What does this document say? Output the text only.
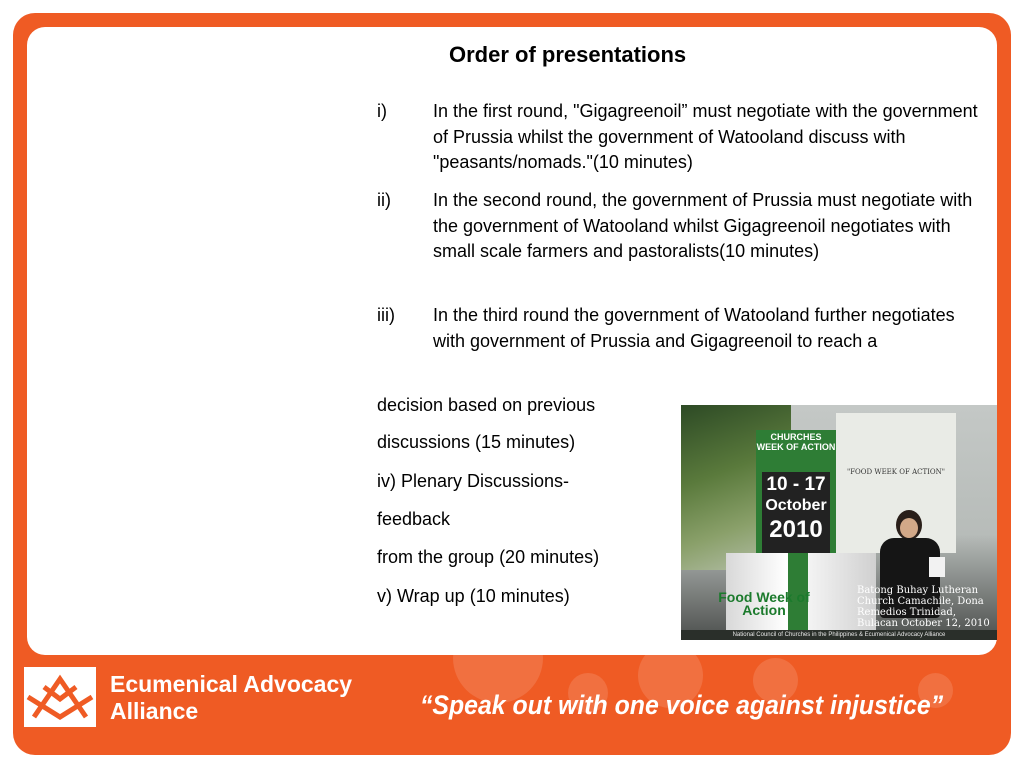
Order of presentations
i)	In the first round, "Gigagreenoil” must negotiate with the government of Prussia whilst the government of Watooland discuss with "peasants/nomads."(10 minutes)
ii) In the second round, the government of Prussia must negotiate with the government of Watooland whilst Gigagreenoil negotiates with small scale farmers and pastoralists(10 minutes)
iii) In the third round the government of Watooland further negotiates with government of Prussia and Gigagreenoil to reach a
decision based on previous
discussions (15 minutes)
iv) Plenary Discussions-
feedback
from the group (20 minutes)
v) Wrap up (10 minutes)
"FOOD WEEK OF ACTION"
CHURCHES WEEK OF ACTION
10 - 17
October
2010
Food Week of Action
Batong Buhay Lutheran Church Camachile, Dona Remedios Trinidad, Bulacan October 12, 2010
National Council of Churches in the Philippines & Ecumenical Advocacy Alliance
Ecumenical Advocacy Alliance	“Speak out with one voice against injustice”
